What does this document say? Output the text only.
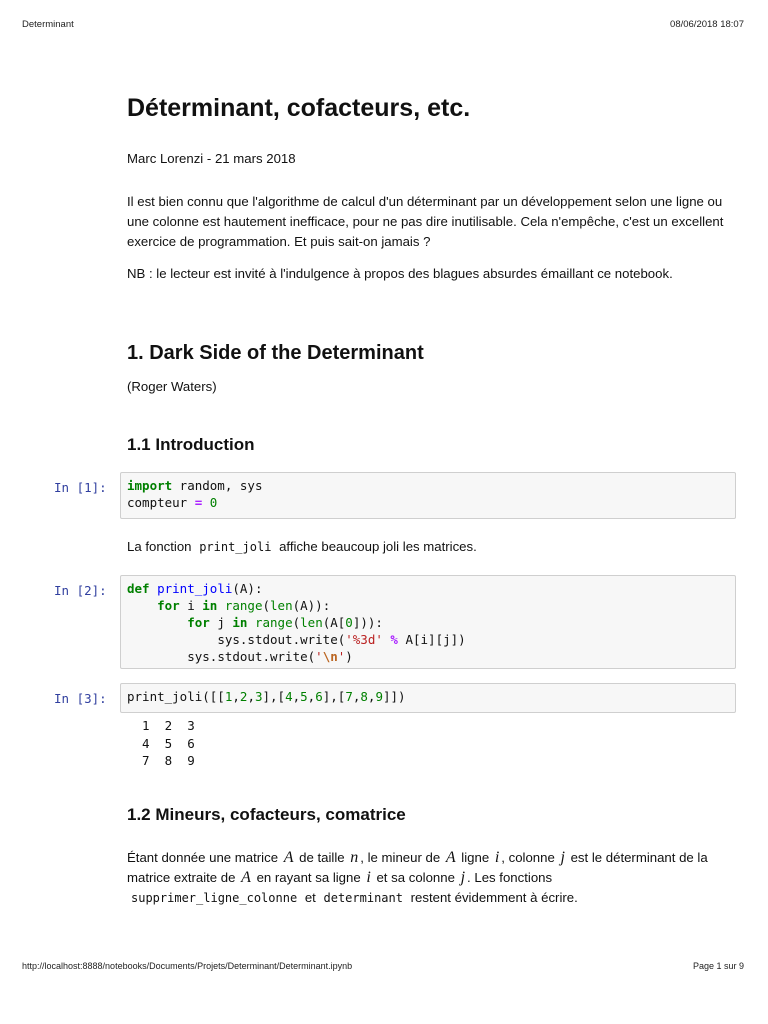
Determinant	08/06/2018 18:07
Déterminant, cofacteurs, etc.

Marc Lorenzi - 21 mars 2018

Il est bien connu que l'algorithme de calcul d'un déterminant par un développement selon une ligne ou une colonne est hautement inefficace, pour ne pas dire inutilisable. Cela n'empêche, c'est un excellent exercice de programmation. Et puis sait-on jamais ?

NB : le lecteur est invité à l'indulgence à propos des blagues absurdes émaillant ce notebook.

1. Dark Side of the Determinant

(Roger Waters)

1.1 Introduction
In [1]:	import random, sys
compteur = 0

La fonction print_joli affiche beaucoup joli les matrices.

In [2]:	def print_joli(A):
for i in range(len(A)):
for j in range(len(A[0])):
sys.stdout.write('%3d' % A[i][j])
sys.stdout.write('\n')
In [3]:	print_joli([[1,2,3],[4,5,6],[7,8,9]])
1  2  3
4  5  6
7  8  9
1.2 Mineurs, cofacteurs, comatrice

Étant donnée une matrice A de taille n , le mineur de A ligne i , colonne j est le déterminant de la matrice extraite de A en rayant sa ligne i et sa colonne j . Les fonctions
supprimer_ligne_colonne et determinant restent évidemment à écrire.

http://localhost:8888/notebooks/Documents/Projets/Determinant/Determinant.ipynb	Page 1 sur 9
